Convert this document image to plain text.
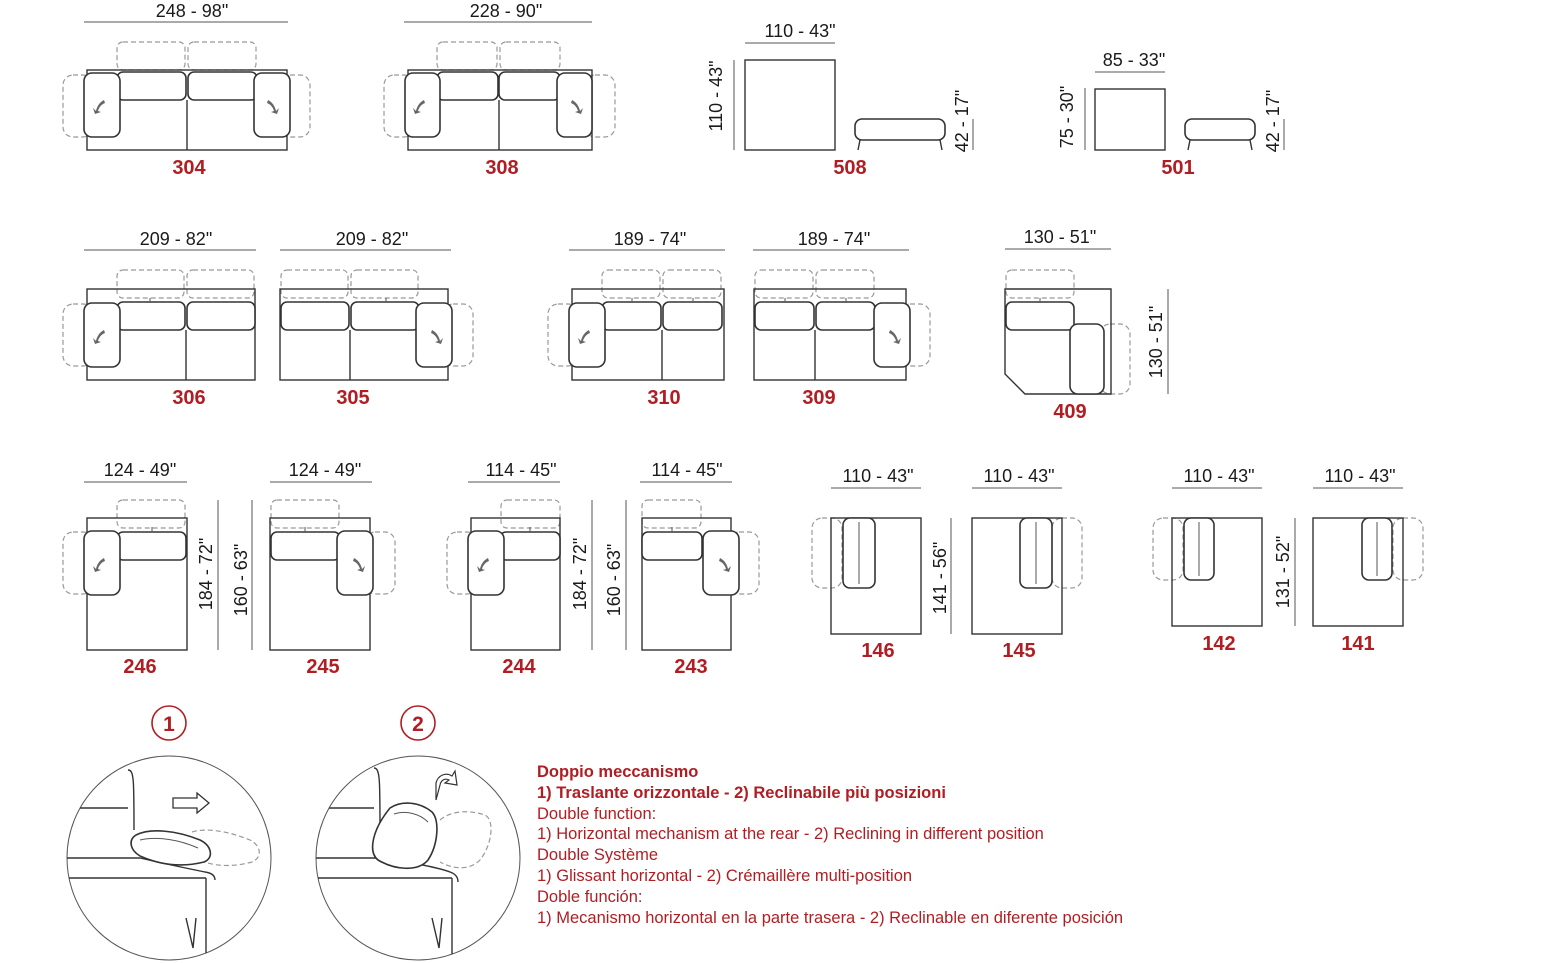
248 - 98"
304
228 - 90"
308
110 - 43"
110 - 43"	42 - 17"
508
85 - 33"
75 - 30"	42 - 17"
501
209 - 82"
306
209 - 82"
305
189 - 74"
310
189 - 74"
309
130 - 51"
130 - 51"
409
124 - 49"
184 - 72"
246
124 - 49"
160 - 63"
245
114 - 45"
184 - 72"
244
114 - 45"
160 - 63"
243
110 - 43"
141 - 56"
146
110 - 43"
145
110 - 43"
131 - 52"
142
110 - 43"
141
1	2
Doppio meccanismo
1) Traslante orizzontale - 2) Reclinabile più posizioni
Double function:
1) Horizontal mechanism at the rear - 2) Reclining in different position
Double Système
1) Glissant horizontal - 2) Crémaillère multi-position
Doble función:
1) Mecanismo horizontal en la parte trasera - 2) Reclinable en diferente posición
